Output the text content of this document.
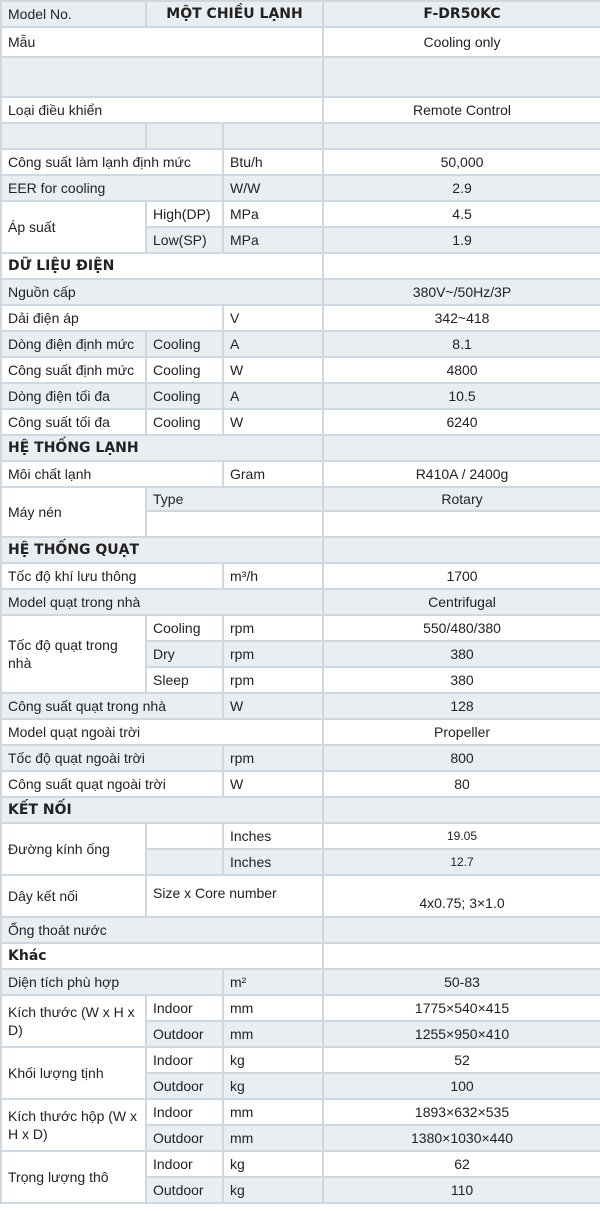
Model No.	MỘT CHIỀU LẠNH		F-DR50KC
Mẫu			Cooling only

Loại điều khiển			Remote Control

Công suất làm lạnh định mức		Btu/h	50,000
EER for cooling		W/W	2.9
Áp suất	High(DP)	MPa	4.5
	Low(SP)	MPa	1.9
DỮ LIỆU ĐIỆN			
Nguồn cấp			380V~/50Hz/3P
Dải điện áp		V	342~418
Dòng điện định mức	Cooling	A	8.1
Công suất định mức	Cooling	W	4800
Dòng điện tối đa	Cooling	A	10.5
Công suất tối đa	Cooling	W	6240
HỆ THỐNG LẠNH			
Môi chất lạnh		Gram	R410A / 2400g
Máy nén	Type		Rotary

HỆ THỐNG QUẠT			
Tốc độ khí lưu thông		m³/h	1700
Model quạt trong nhà			Centrifugal
Tốc độ quạt trong nhà	Cooling	rpm	550/480/380
	Dry	rpm	380
	Sleep	rpm	380
Công suất quạt trong nhà		W	128
Model quạt ngoài trời			Propeller
Tốc độ quạt ngoài trời		rpm	800
Công suất quạt ngoài trời		W	80
KẾT NỐI			
Đường kính ống		Inches	19.05
		Inches	12.7
Dây kết nối	Size x Core number		4x0.75; 3×1.0
Ống thoát nước			
Khác			
Diện tích phù hợp		m²	50-83
Kích thước (W x H x D)	Indoor	mm	1775×540×415
	Outdoor	mm	1255×950×410
Khối lượng tịnh	Indoor	kg	52
	Outdoor	kg	100
Kích thước hộp (W x H x D)	Indoor	mm	1893×632×535
	Outdoor	mm	1380×1030×440
Trọng lượng thô	Indoor	kg	62
	Outdoor	kg	110
